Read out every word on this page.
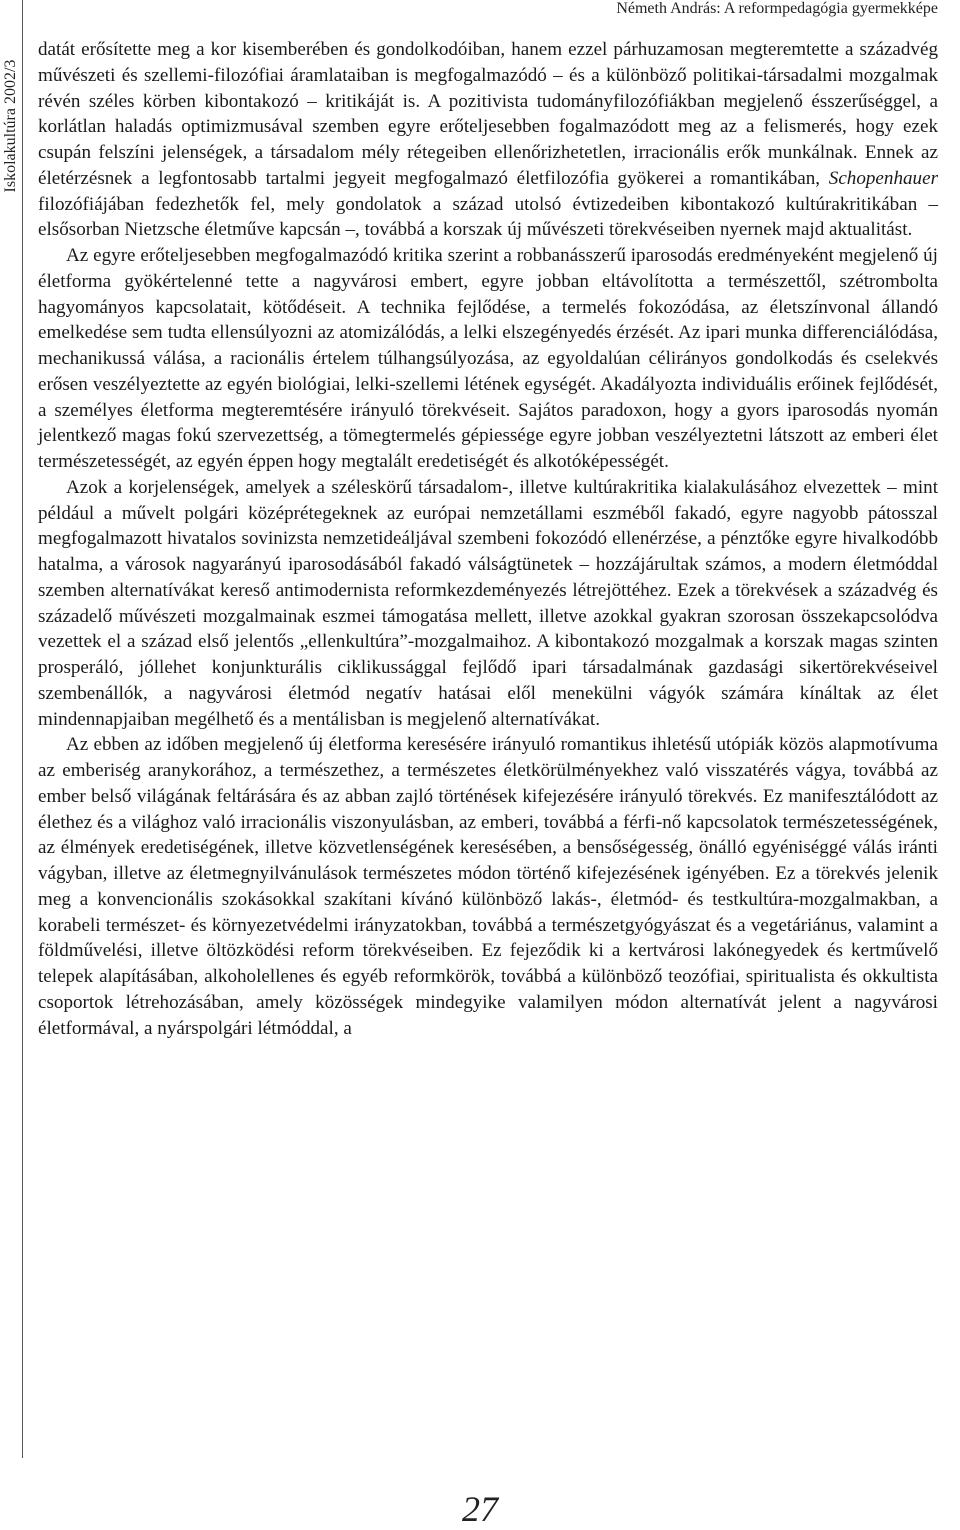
Iskolakultúra 2002/3
Németh András: A reformpedagógia gyermekképe

datát erősítette meg a kor kisemberében és gondolkodóiban, hanem ezzel párhuzamosan megteremtette a századvég művészeti és szellemi-filozófiai áramlataiban is megfogalmazódó – és a különböző politikai-társadalmi mozgalmak révén széles körben kibontakozó – kritikáját is. A pozitivista tudományfilozófiákban megjelenő ésszerűséggel, a korlátlan haladás optimizmusával szemben egyre erőteljesebben fogalmazódott meg az a felismerés, hogy ezek csupán felszíni jelenségek, a társadalom mély rétegeiben ellenőrizhetetlen, irracionális erők munkálnak. Ennek az életérzésnek a legfontosabb tartalmi jegyeit megfogalmazó életfilozófia gyökerei a romantikában, Schopenhauer filozófiájában fedezhetők fel, mely gondolatok a század utolsó évtizedeiben kibontakozó kultúrakritikában – elsősorban Nietzsche életműve kapcsán –, továbbá a korszak új művészeti törekvéseiben nyernek majd aktualitást.

Az egyre erőteljesebben megfogalmazódó kritika szerint a robbanásszerű iparosodás eredményeként megjelenő új életforma gyökértelenné tette a nagyvárosi embert, egyre jobban eltávolította a természettől, szétrombolta hagyományos kapcsolatait, kötődéseit. A technika fejlődése, a termelés fokozódása, az életszínvonal állandó emelkedése sem tudta ellensúlyozni az atomizálódás, a lelki elszegényedés érzését. Az ipari munka differenciálódása, mechanikussá válása, a racionális értelem túlhangsúlyozása, az egyoldalúan célirányos gondolkodás és cselekvés erősen veszélyeztette az egyén biológiai, lelki-szellemi létének egységét. Akadályozta individuális erőinek fejlődését, a személyes életforma megteremtésére irányuló törekvéseit. Sajátos paradoxon, hogy a gyors iparosodás nyomán jelentkező magas fokú szervezettség, a tömegtermelés gépiessége egyre jobban veszélyeztetni látszott az emberi élet természetességét, az egyén éppen hogy megtalált eredetiségét és alkotóképességét.

Azok a korjelenségek, amelyek a széleskörű társadalom-, illetve kultúrakritika kialakulásához elvezettek – mint például a művelt polgári középrétegeknek az európai nemzetállami eszméből fakadó, egyre nagyobb pátosszal megfogalmazott hivatalos sovinizsta nemzetideáljával szembeni fokozódó ellenérzése, a pénztőke egyre hivalkodóbb hatalma, a városok nagyarányú iparosodásából fakadó válságtünetek – hozzájárultak számos, a modern életmóddal szemben alternatívákat kereső antimodernista reformkezdeményezés létrejöttéhez. Ezek a törekvések a századvég és századelő művészeti mozgalmainak eszmei támogatása mellett, illetve azokkal gyakran szorosan összekapcsolódva vezettek el a század első jelentős „ellenkultúra”-mozgalmaihoz. A kibontakozó mozgalmak a korszak magas szinten prosperáló, jóllehet konjunkturális ciklikussággal fejlődő ipari társadalmának gazdasági sikertörekvéseivel szembenállók, a nagyvárosi életmód negatív hatásai elől menekülni vágyók számára kínáltak az élet mindennapjaiban megélhető és a mentálisban is megjelenő alternatívákat.

Az ebben az időben megjelenő új életforma keresésére irányuló romantikus ihletésű utópiák közös alapmotívuma az emberiség aranykorához, a természethez, a természetes életkörülményekhez való visszatérés vágya, továbbá az ember belső világának feltárására és az abban zajló történések kifejezésére irányuló törekvés. Ez manifesztálódott az élethez és a világhoz való irracionális viszonyulásban, az emberi, továbbá a férfi-nő kapcsolatok természetességének, az élmények eredetiségének, illetve közvetlenségének keresésében, a bensőségesség, önálló egyéniséggé válás iránti vágyban, illetve az életmegnyilvánulások természetes módon történő kifejezésének igényében. Ez a törekvés jelenik meg a konvencionális szokásokkal szakítani kívánó különböző lakás-, életmód- és testkultúra-mozgalmakban, a korabeli természet- és környezetvédelmi irányzatokban, továbbá a természetgyógyászat és a vegetáriánus, valamint a földművelési, illetve öltözködési reform törekvéseiben. Ez fejeződik ki a kertvárosi lakónegyedek és kertművelő telepek alapításában, alkoholellenes és egyéb reformkörök, továbbá a különböző teozófiai, spiritualista és okkultista csoportok létrehozásában, amely közösségek mindegyike valamilyen módon alternatívát jelent a nagyvárosi életformával, a nyárspolgári létmóddal, a

27
